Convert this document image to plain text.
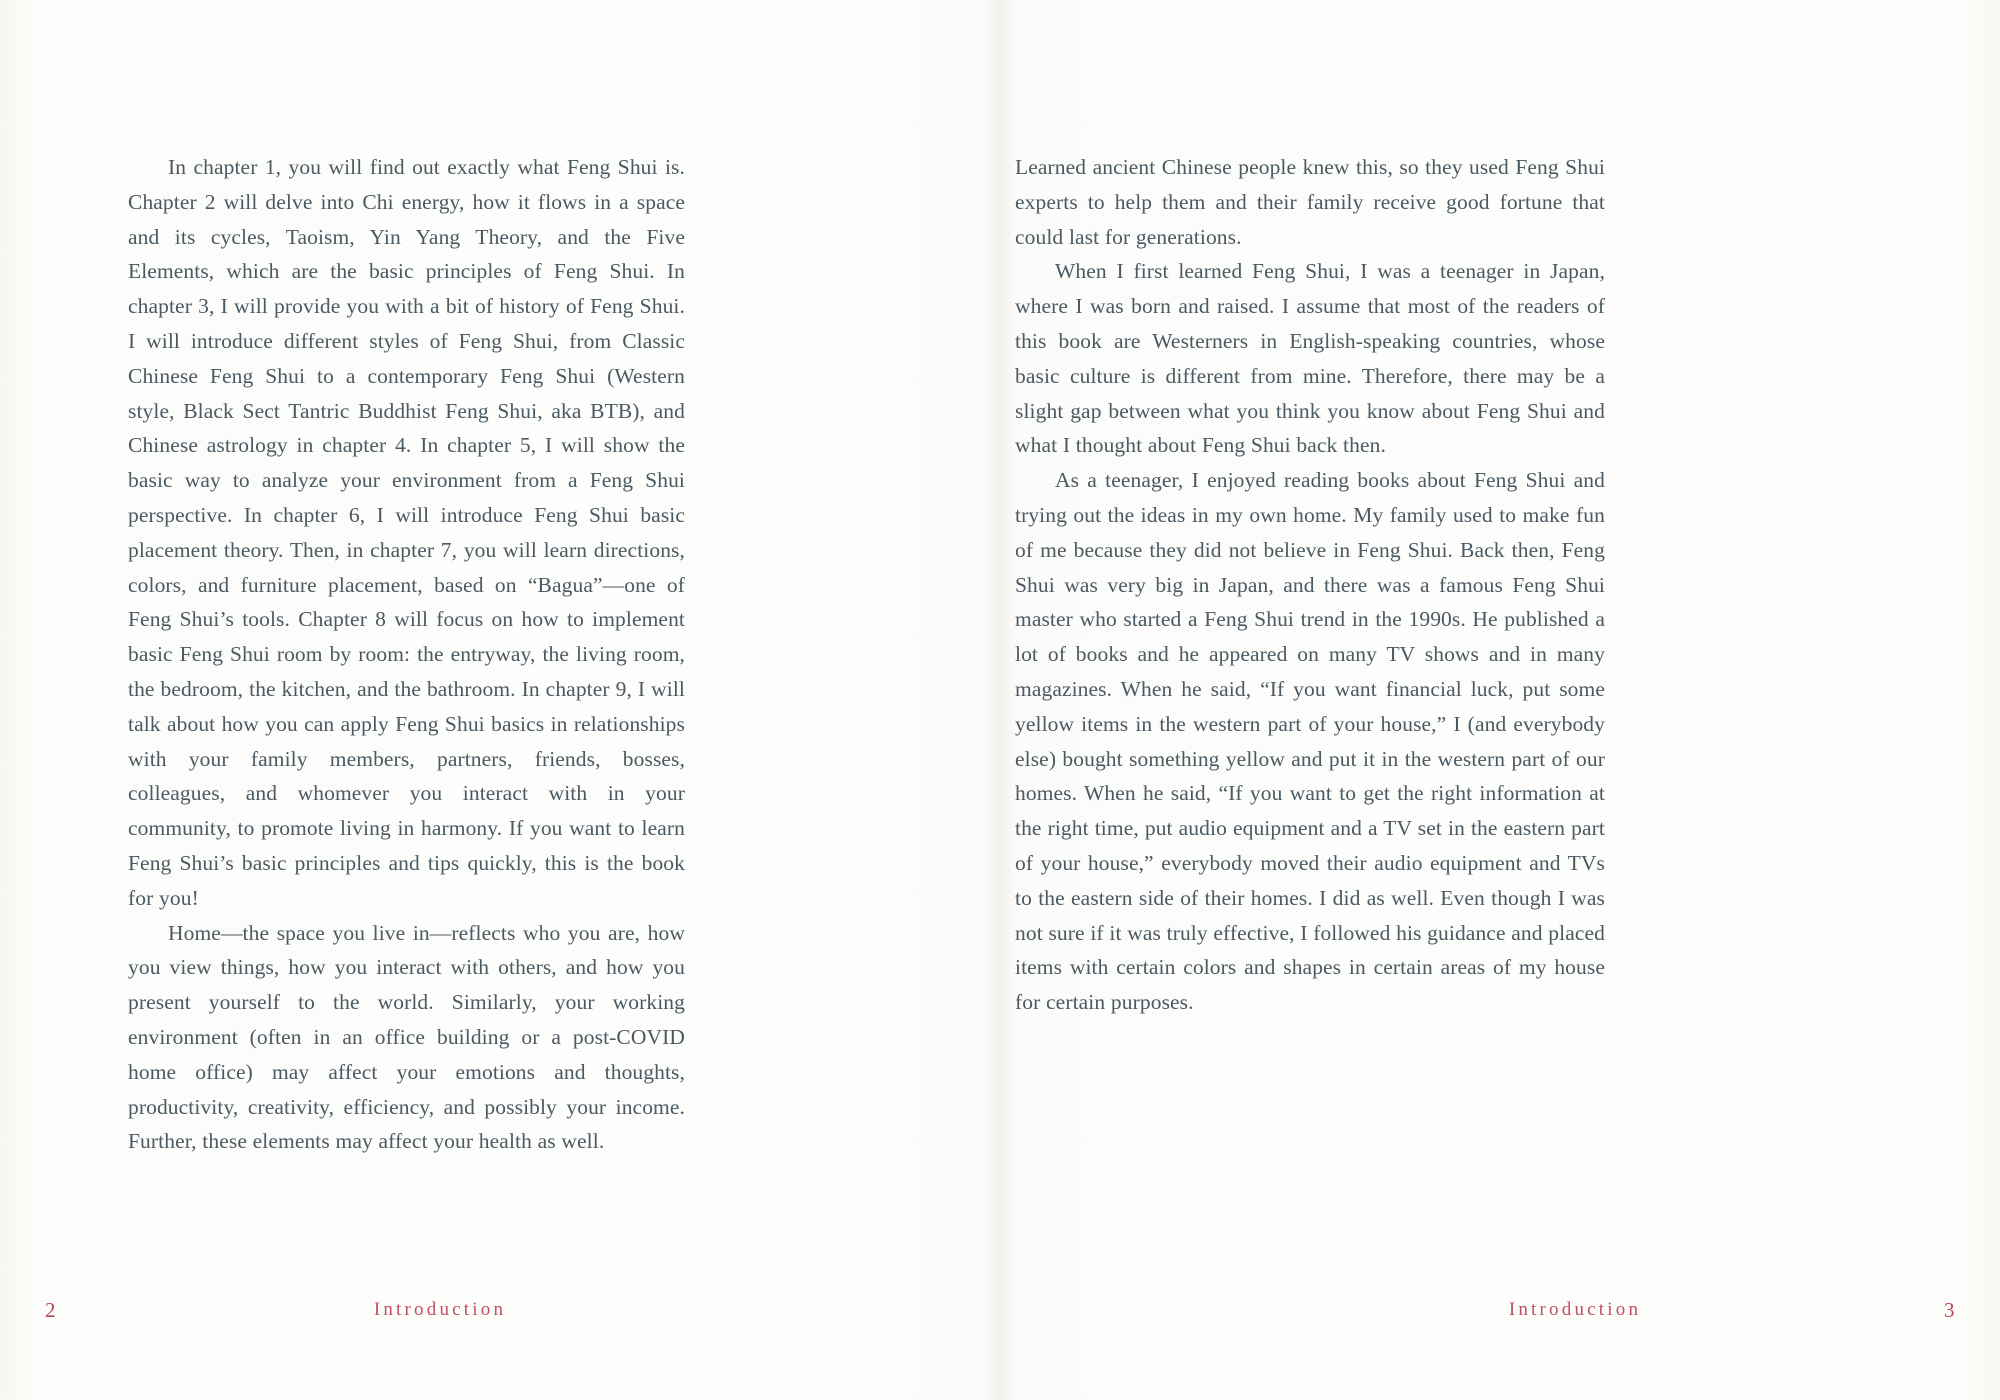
In chapter 1, you will find out exactly what Feng Shui is. Chapter 2 will delve into Chi energy, how it flows in a space and its cycles, Taoism, Yin Yang Theory, and the Five Elements, which are the basic principles of Feng Shui. In chapter 3, I will provide you with a bit of history of Feng Shui. I will introduce different styles of Feng Shui, from Classic Chinese Feng Shui to a contemporary Feng Shui (Western style, Black Sect Tantric Buddhist Feng Shui, aka BTB), and Chinese astrology in chapter 4. In chapter 5, I will show the basic way to analyze your environment from a Feng Shui perspective. In chapter 6, I will introduce Feng Shui basic placement theory. Then, in chapter 7, you will learn directions, colors, and furniture placement, based on “Bagua”—one of Feng Shui’s tools. Chapter 8 will focus on how to implement basic Feng Shui room by room: the entryway, the living room, the bedroom, the kitchen, and the bathroom. In chapter 9, I will talk about how you can apply Feng Shui basics in relationships with your family members, partners, friends, bosses, colleagues, and whomever you interact with in your community, to promote living in harmony. If you want to learn Feng Shui’s basic principles and tips quickly, this is the book for you!

Home—the space you live in—reflects who you are, how you view things, how you interact with others, and how you present yourself to the world. Similarly, your working environment (often in an office building or a post-COVID home office) may affect your emotions and thoughts, productivity, creativity, efficiency, and possibly your income. Further, these elements may affect your health as well.

2	Introduction

Learned ancient Chinese people knew this, so they used Feng Shui experts to help them and their family receive good fortune that could last for generations.

When I first learned Feng Shui, I was a teenager in Japan, where I was born and raised. I assume that most of the readers of this book are Westerners in English-speaking countries, whose basic culture is different from mine. Therefore, there may be a slight gap between what you think you know about Feng Shui and what I thought about Feng Shui back then.

As a teenager, I enjoyed reading books about Feng Shui and trying out the ideas in my own home. My family used to make fun of me because they did not believe in Feng Shui. Back then, Feng Shui was very big in Japan, and there was a famous Feng Shui master who started a Feng Shui trend in the 1990s. He published a lot of books and he appeared on many TV shows and in many magazines. When he said, “If you want financial luck, put some yellow items in the western part of your house,” I (and everybody else) bought something yellow and put it in the western part of our homes. When he said, “If you want to get the right information at the right time, put audio equipment and a TV set in the eastern part of your house,” everybody moved their audio equipment and TVs to the eastern side of their homes. I did as well. Even though I was not sure if it was truly effective, I followed his guidance and placed items with certain colors and shapes in certain areas of my house for certain purposes.

3
Introduction
